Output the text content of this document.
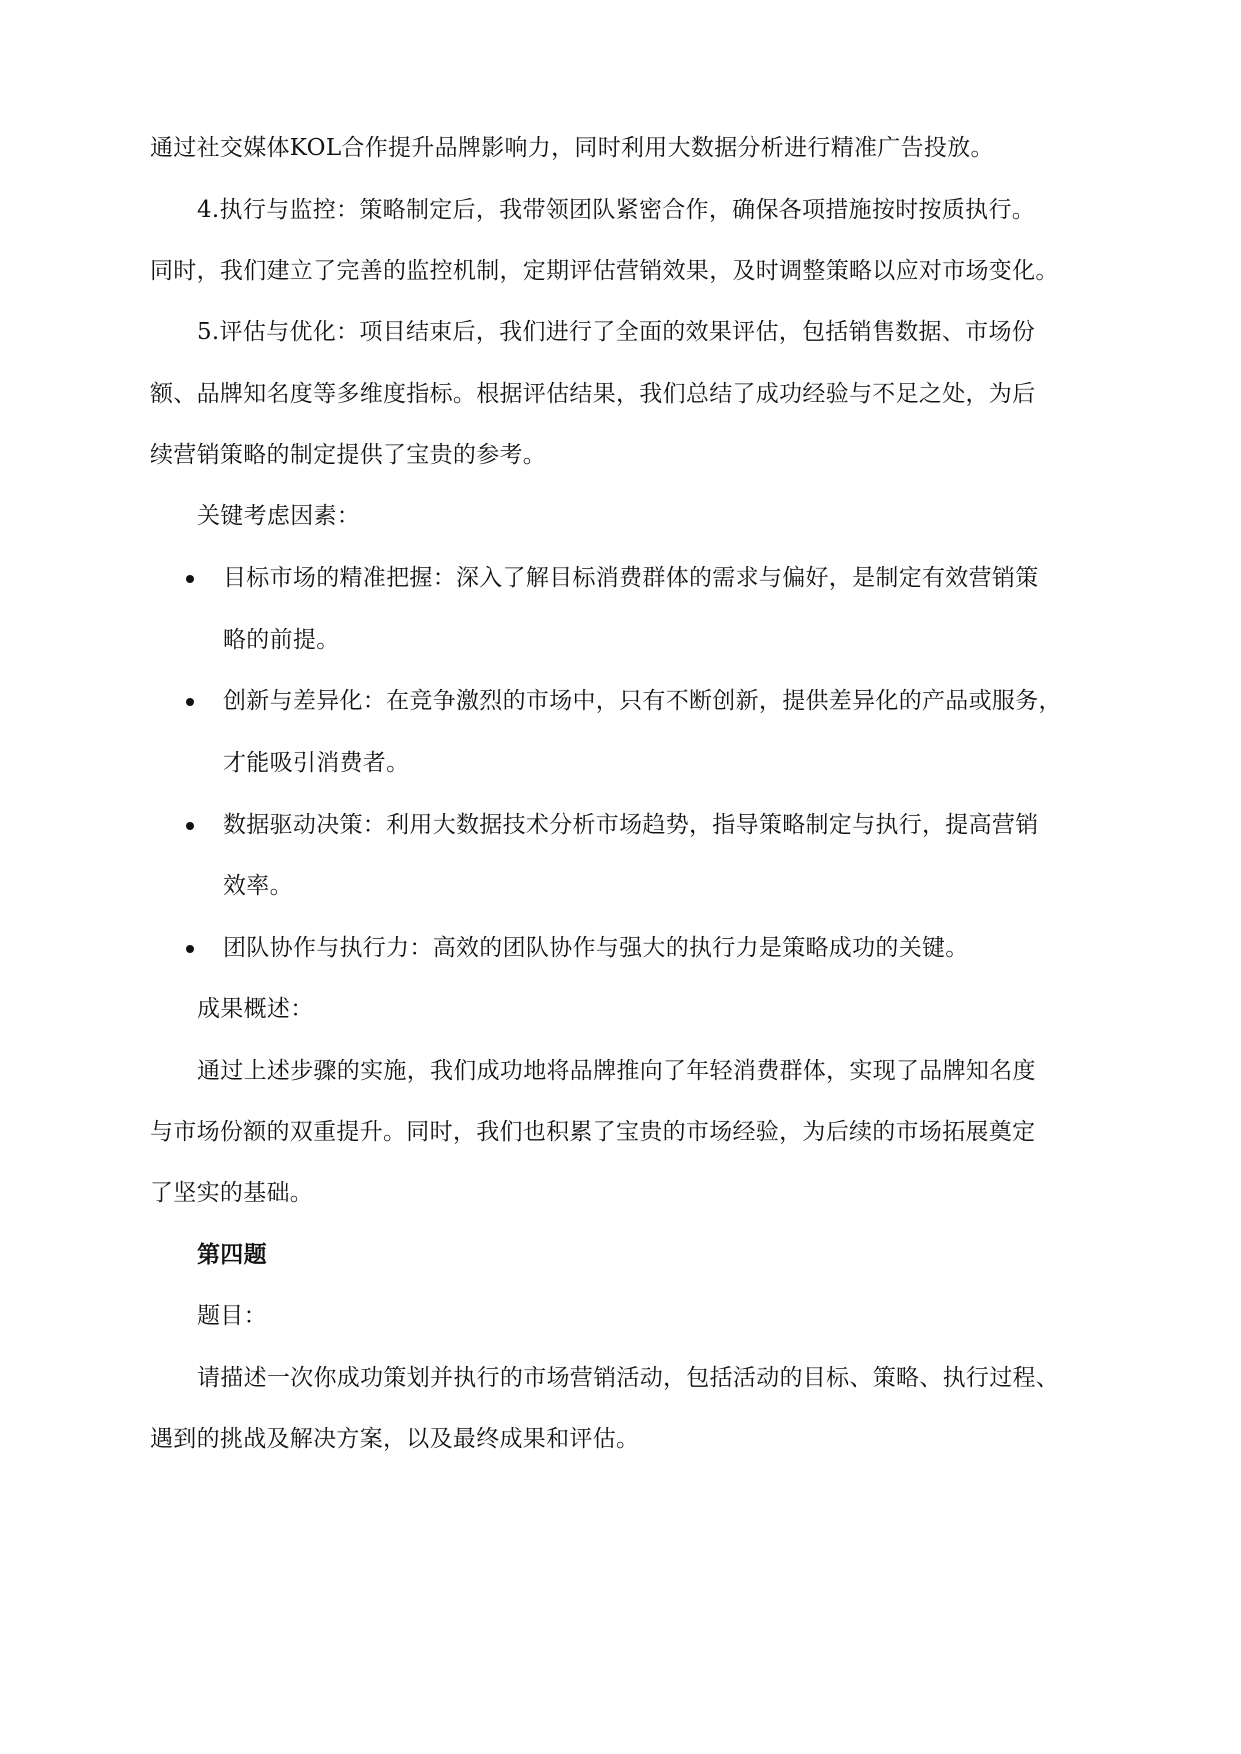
通过社交媒体KOL合作提升品牌影响力，同时利用大数据分析进行精准广告投放。
4.执行与监控：策略制定后，我带领团队紧密合作，确保各项措施按时按质执行。
同时，我们建立了完善的监控机制，定期评估营销效果，及时调整策略以应对市场变化。
5.评估与优化：项目结束后，我们进行了全面的效果评估，包括销售数据、市场份
额、品牌知名度等多维度指标。根据评估结果，我们总结了成功经验与不足之处，为后
续营销策略的制定提供了宝贵的参考。
关键考虑因素：
目标市场的精准把握：深入了解目标消费群体的需求与偏好，是制定有效营销策
略的前提。
创新与差异化：在竞争激烈的市场中，只有不断创新，提供差异化的产品或服务，
才能吸引消费者。
数据驱动决策：利用大数据技术分析市场趋势，指导策略制定与执行，提高营销
效率。
团队协作与执行力：高效的团队协作与强大的执行力是策略成功的关键。
成果概述：
通过上述步骤的实施，我们成功地将品牌推向了年轻消费群体，实现了品牌知名度
与市场份额的双重提升。同时，我们也积累了宝贵的市场经验，为后续的市场拓展奠定
了坚实的基础。
第四题
题目：
请描述一次你成功策划并执行的市场营销活动，包括活动的目标、策略、执行过程、
遇到的挑战及解决方案，以及最终成果和评估。
